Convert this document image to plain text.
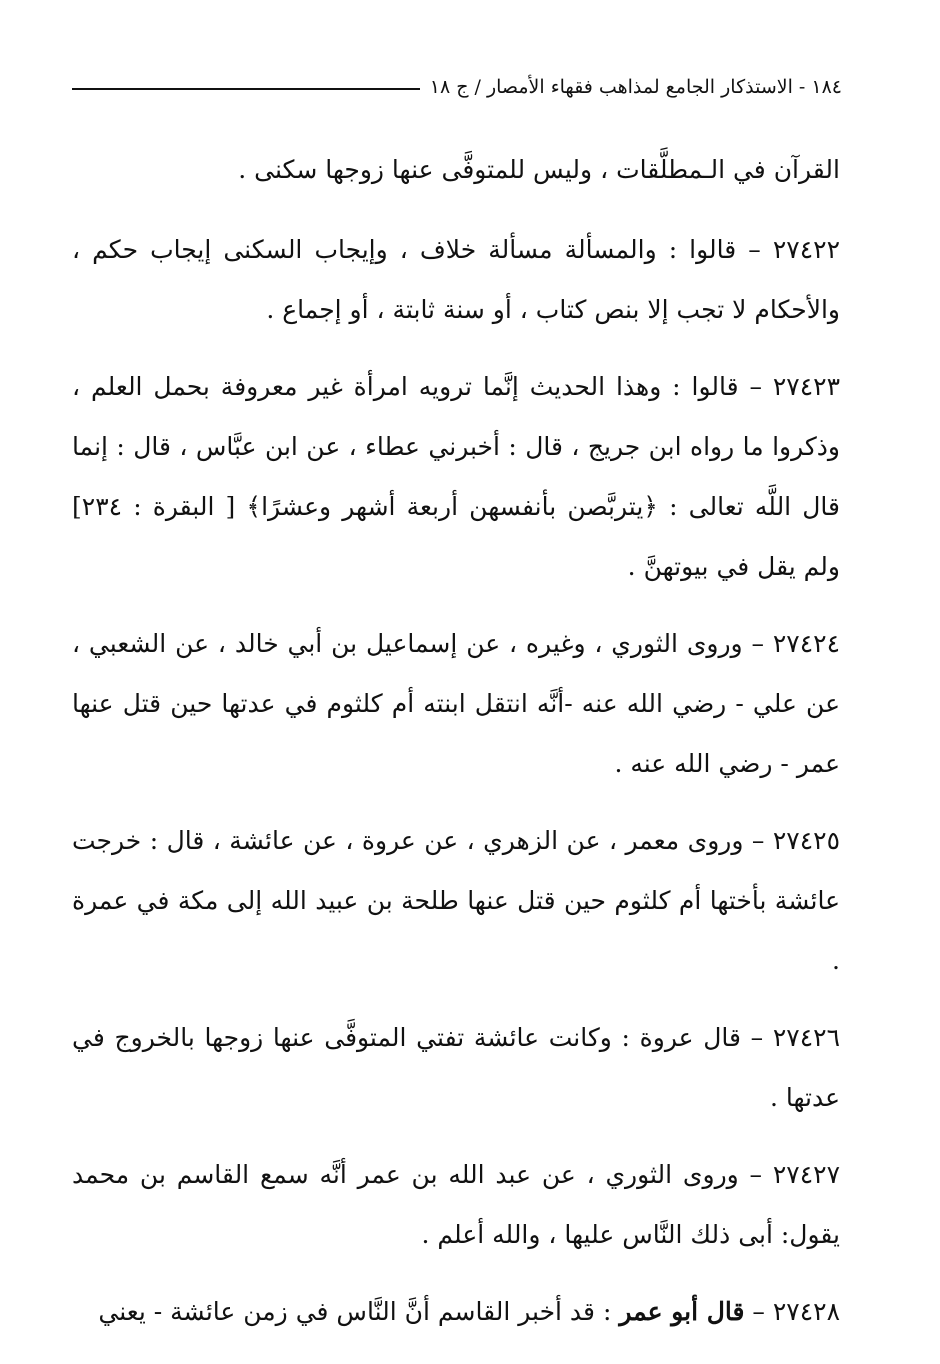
١٨٤ - الاستذكار الجامع لمذاهب فقهاء الأمصار / ج ١٨

القرآن في الـمطلَّقات ، وليس للمتوفَّى عنها زوجها سكنى .

٢٧٤٢٢ – قالوا : والمسألة مسألة خلاف ، وإيجاب السكنى إيجاب حكم ، والأحكام لا تجب إلا بنص كتاب ، أو سنة ثابتة ، أو إجماع .

٢٧٤٢٣ – قالوا : وهذا الحديث إنَّما ترويه امرأة غير معروفة بحمل العلم ، وذكروا ما رواه ابن جريج ، قال : أخبرني عطاء ، عن ابن عبَّاس ، قال : إنما قال اللَّه تعالى : ﴿يتربَّصن بأنفسهن أربعة أشهر وعشرًا﴾ [ البقرة : ٢٣٤] ولم يقل في بيوتهنَّ .

٢٧٤٢٤ – وروى الثوري ، وغيره ، عن إسماعيل بن أبي خالد ، عن الشعبي ، عن علي - رضي الله عنه -أنَّه انتقل ابنته أم كلثوم في عدتها حين قتل عنها عمر - رضي الله عنه .

٢٧٤٢٥ – وروى معمر ، عن الزهري ، عن عروة ، عن عائشة ، قال : خرجت عائشة بأختها أم كلثوم حين قتل عنها طلحة بن عبيد الله إلى مكة في عمرة .

٢٧٤٢٦ – قال عروة : وكانت عائشة تفتي المتوفَّى عنها زوجها بالخروج في عدتها .

٢٧٤٢٧ – وروى الثوري ، عن عبد الله بن عمر أنَّه سمع القاسم بن محمد يقول: أبى ذلك النَّاس عليها ، والله أعلم .

٢٧٤٢٨ – قال أبو عمر : قد أخبر القاسم أنَّ النَّاس في زمن عائشة - يعني
